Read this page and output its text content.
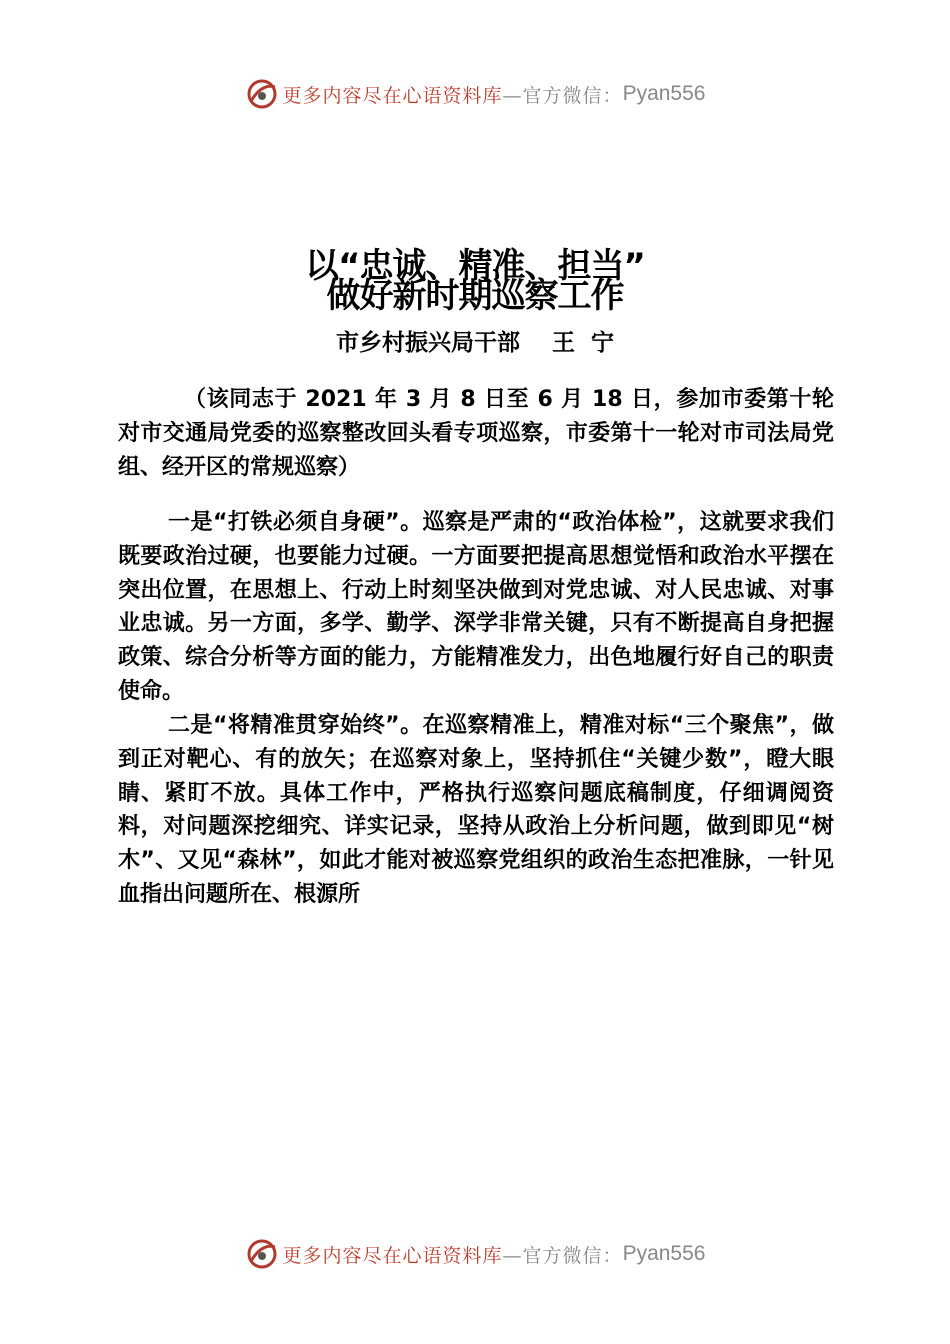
更多内容尽在心语资料库 —官方微信： Pyan556
以“忠诚、精准、担当”
做好新时期巡察工作
市乡村振兴局干部    王  宁
（该同志于 2021 年 3 月 8 日至 6 月 18 日，参加市委第十轮对市交通局党委的巡察整改回头看专项巡察，市委第十一轮对市司法局党组、经开区的常规巡察）
一是“打铁必须自身硬”。巡察是严肃的“政治体检”，这就要求我们既要政治过硬，也要能力过硬。一方面要把提高思想觉悟和政治水平摆在突出位置，在思想上、行动上时刻坚决做到对党忠诚、对人民忠诚、对事业忠诚。另一方面，多学、勤学、深学非常关键，只有不断提高自身把握政策、综合分析等方面的能力，方能精准发力，出色地履行好自己的职责使命。
二是“将精准贯穿始终”。在巡察精准上，精准对标“三个聚焦”，做到正对靶心、有的放矢；在巡察对象上，坚持抓住“关键少数”，瞪大眼睛、紧盯不放。具体工作中，严格执行巡察问题底稿制度，仔细调阅资料，对问题深挖细究、详实记录，坚持从政治上分析问题，做到即见“树木”、又见“森林”，如此才能对被巡察党组织的政治生态把准脉，一针见血指出问题所在、根源所
更多内容尽在心语资料库 —官方微信： Pyan556
